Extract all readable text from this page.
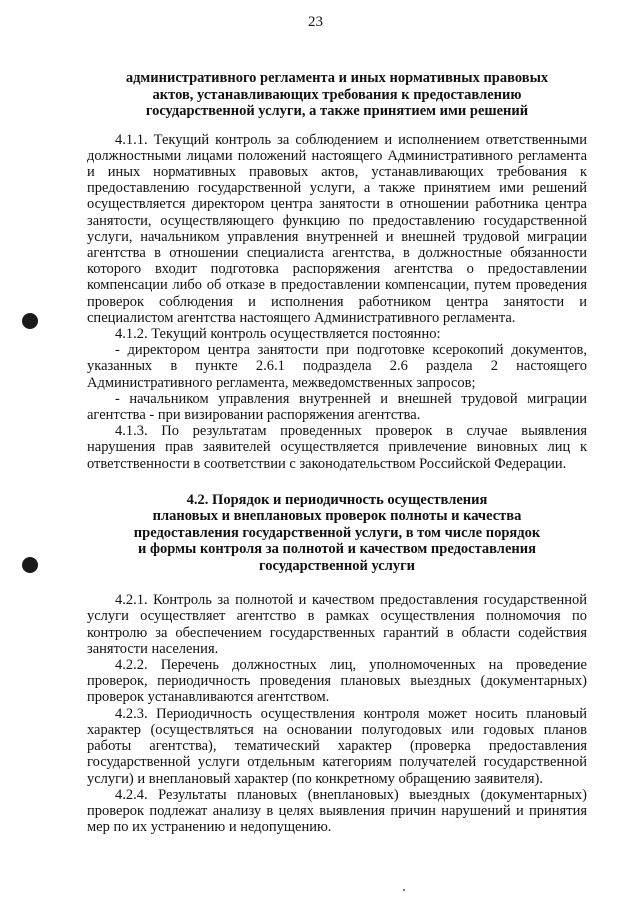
23
административного регламента и иных нормативных правовых
актов, устанавливающих требования к предоставлению
государственной услуги, а также принятием ими решений

4.1.1. Текущий контроль за соблюдением и исполнением ответственными должностными лицами положений настоящего Административного регламента и иных нормативных правовых актов, устанавливающих требования к предоставлению государственной услуги, а также принятием ими решений осуществляется директором центра занятости в отношении работника центра занятости, осуществляющего функцию по предоставлению государственной услуги, начальником управления внутренней и внешней трудовой миграции агентства в отношении специалиста агентства, в должностные обязанности которого входит подготовка распоряжения агентства о предоставлении компенсации либо об отказе в предоставлении компенсации, путем проведения проверок соблюдения и исполнения работником центра занятости и специалистом агентства настоящего Административного регламента.

4.1.2. Текущий контроль осуществляется постоянно:

- директором центра занятости при подготовке ксерокопий документов, указанных в пункте 2.6.1 подраздела 2.6 раздела 2 настоящего Административного регламента, межведомственных запросов;

- начальником управления внутренней и внешней трудовой миграции агентства - при визировании распоряжения агентства.

4.1.3. По результатам проведенных проверок в случае выявления нарушения прав заявителей осуществляется привлечение виновных лиц к ответственности в соответствии с законодательством Российской Федерации.

4.2. Порядок и периодичность осуществления
плановых и внеплановых проверок полноты и качества
предоставления государственной услуги, в том числе порядок
и формы контроля за полнотой и качеством предоставления
государственной услуги

4.2.1. Контроль за полнотой и качеством предоставления государственной услуги осуществляет агентство в рамках осуществления полномочия по контролю за обеспечением государственных гарантий в области содействия занятости населения.

4.2.2. Перечень должностных лиц, уполномоченных на проведение проверок, периодичность проведения плановых выездных (документарных) проверок устанавливаются агентством.

4.2.3. Периодичность осуществления контроля может носить плановый характер (осуществляться на основании полугодовых или годовых планов работы агентства), тематический характер (проверка предоставления государственной услуги отдельным категориям получателей государственной услуги) и внеплановый характер (по конкретному обращению заявителя).

4.2.4. Результаты плановых (внеплановых) выездных (документарных) проверок подлежат анализу в целях выявления причин нарушений и принятия мер по их устранению и недопущению.
